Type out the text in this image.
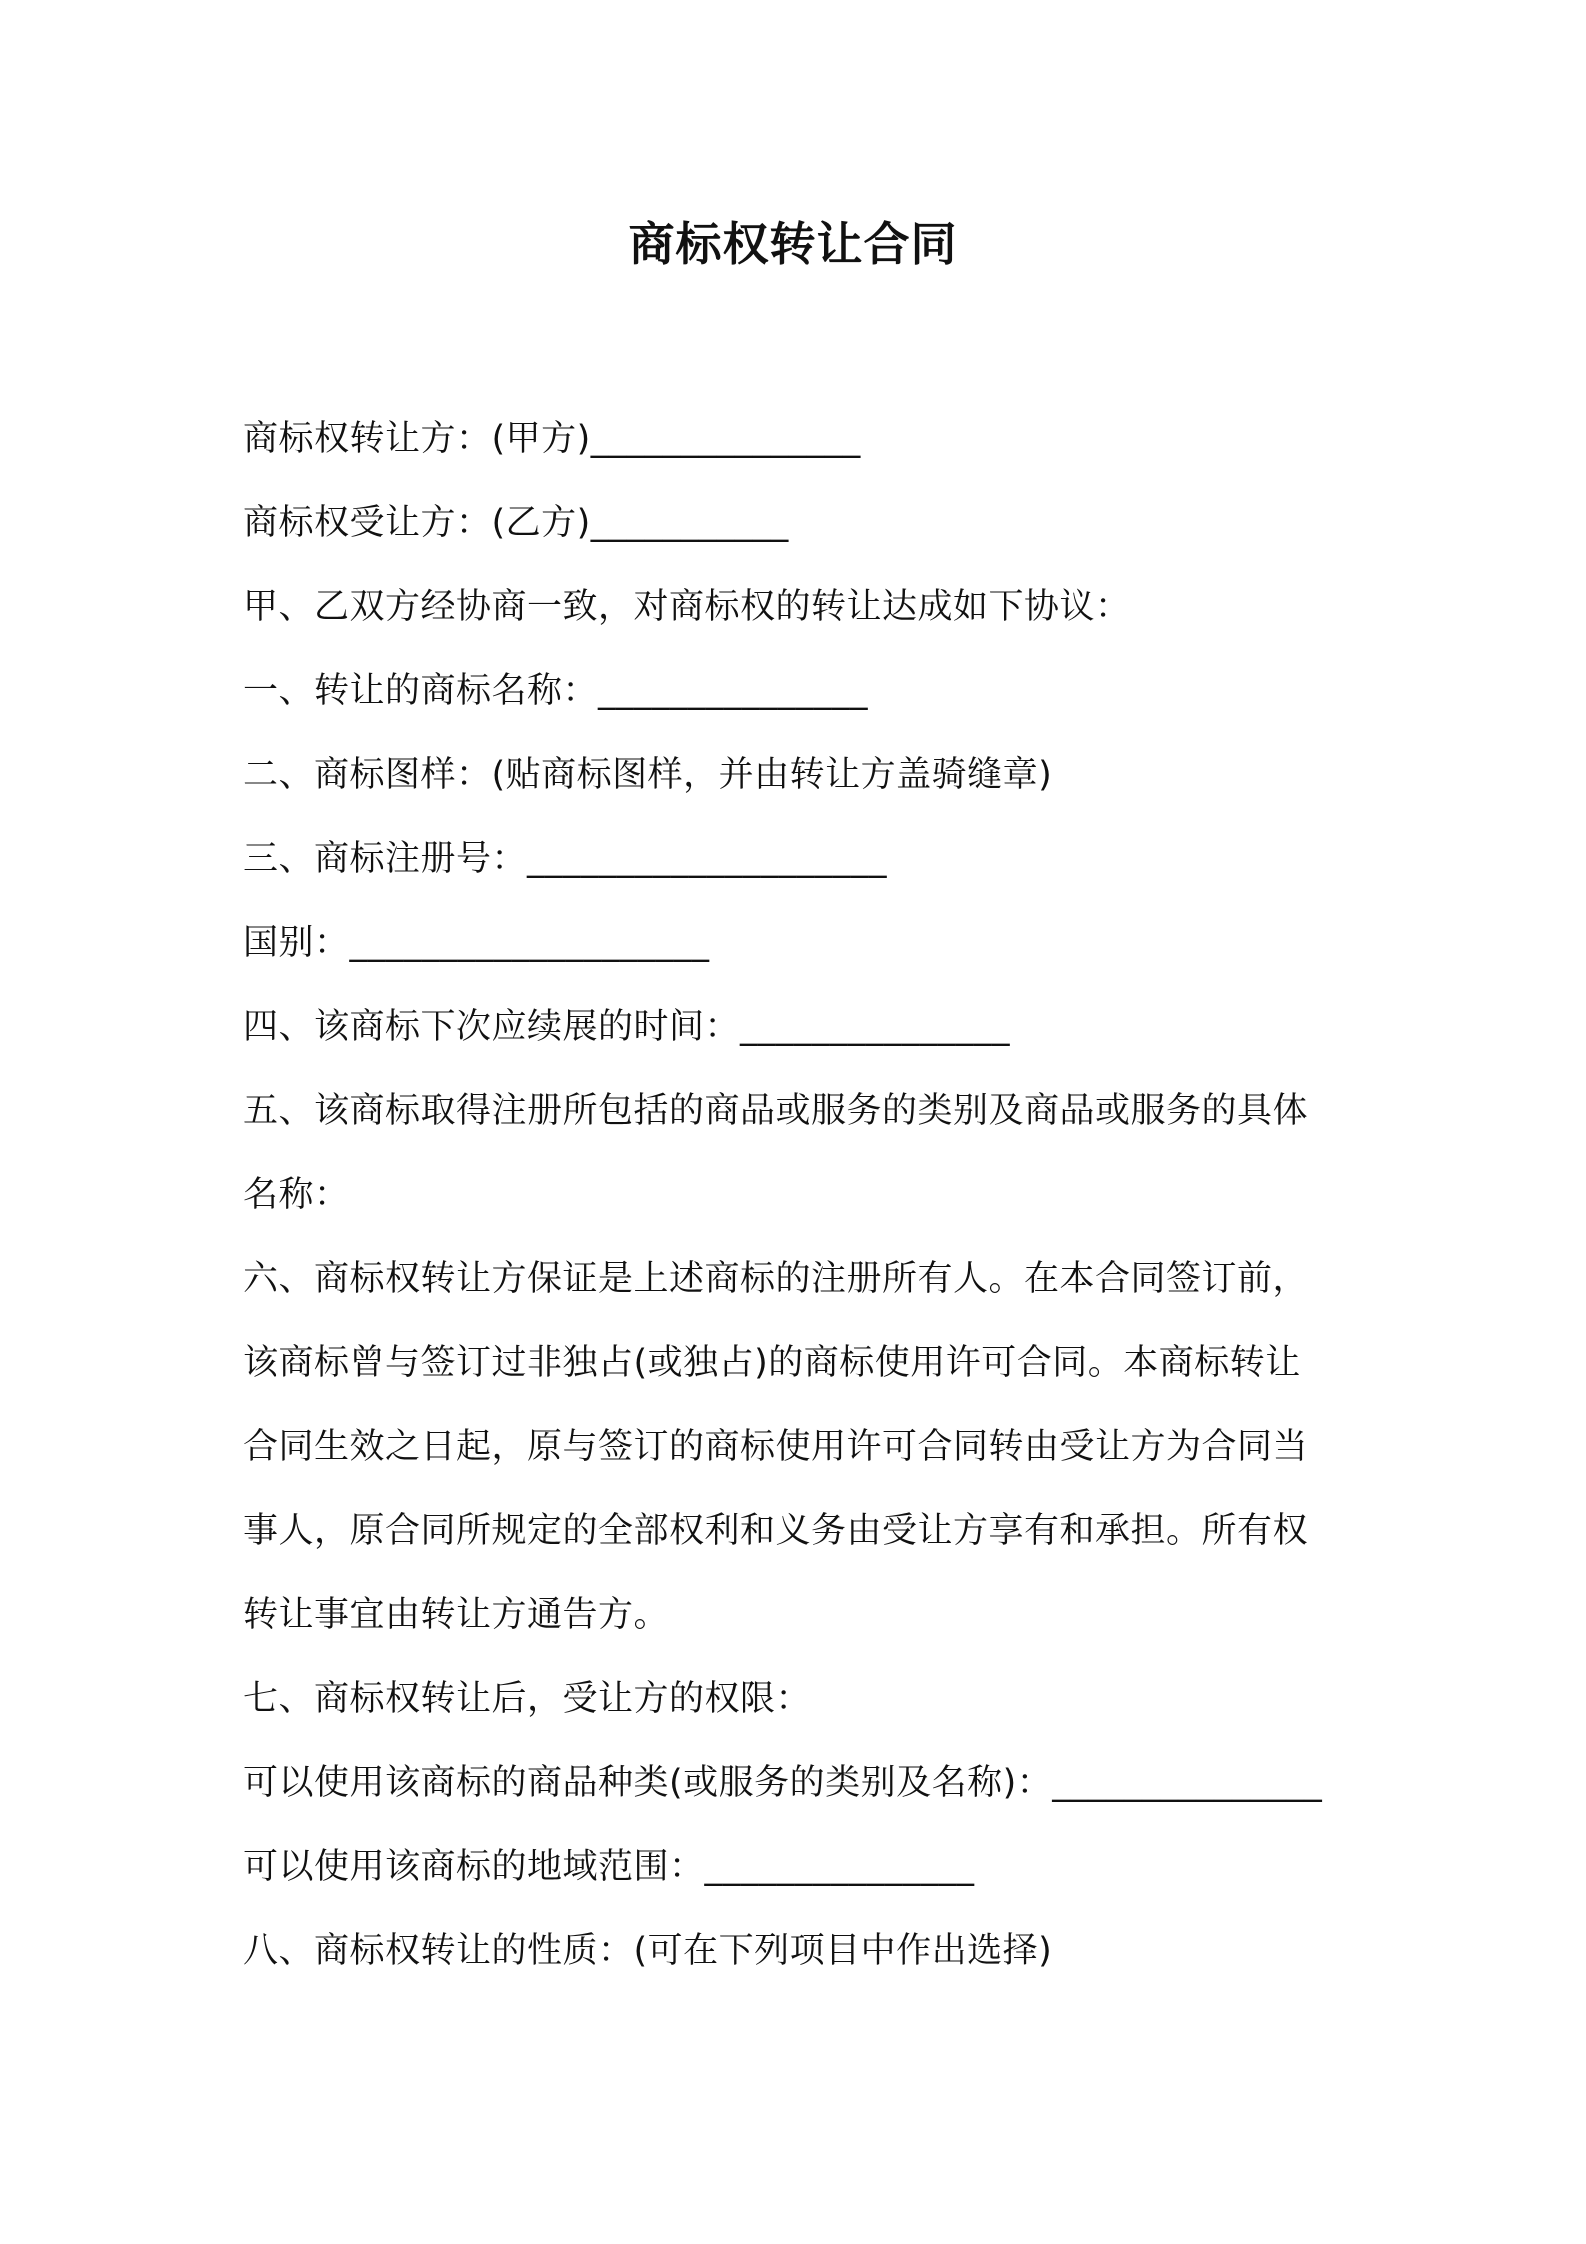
商标权转让合同
商标权转让方：(甲方)_______________
商标权受让方：(乙方)___________
甲、乙双方经协商一致，对商标权的转让达成如下协议：
一、转让的商标名称：_______________
二、商标图样：(贴商标图样，并由转让方盖骑缝章)
三、商标注册号：____________________
国别：____________________
四、该商标下次应续展的时间：_______________
五、该商标取得注册所包括的商品或服务的类别及商品或服务的具体
名称：
六、商标权转让方保证是上述商标的注册所有人。在本合同签订前，
该商标曾与签订过非独占(或独占)的商标使用许可合同。本商标转让
合同生效之日起，原与签订的商标使用许可合同转由受让方为合同当
事人，原合同所规定的全部权利和义务由受让方享有和承担。所有权
转让事宜由转让方通告方。
七、商标权转让后，受让方的权限：
可以使用该商标的商品种类(或服务的类别及名称)：_______________
可以使用该商标的地域范围：_______________
八、商标权转让的性质：(可在下列项目中作出选择)
